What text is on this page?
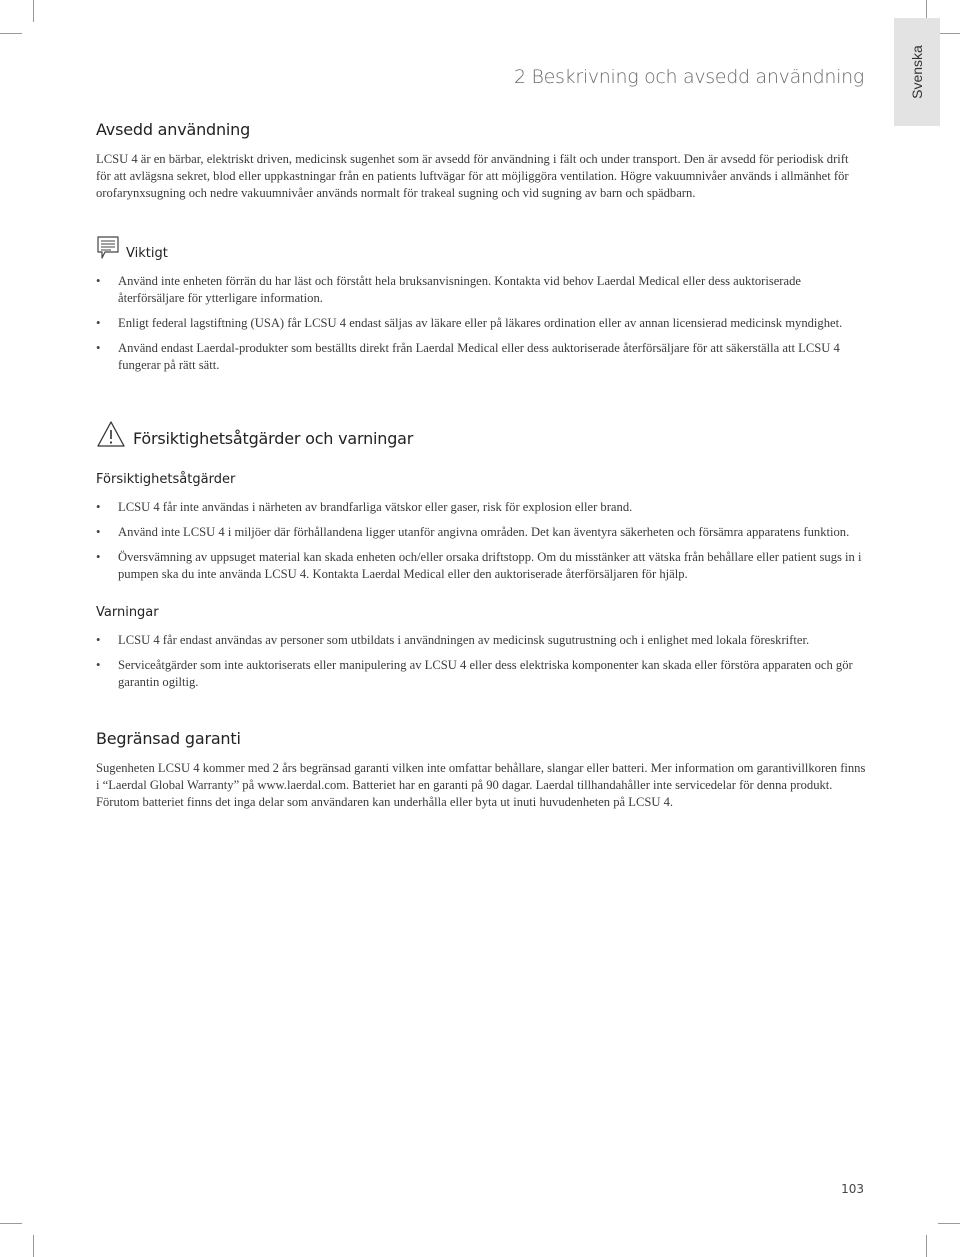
Svenska
2 Beskrivning och avsedd användning
Avsedd användning

LCSU 4 är en bärbar, elektriskt driven, medicinsk sugenhet som är avsedd för användning i fält och under transport. Den är avsedd för periodisk drift för att avlägsna sekret, blod eller uppkastningar från en patients luftvägar för att möjliggöra ventilation. Högre vakuumnivåer används i allmänhet för orofarynxsugning och nedre vakuumnivåer används normalt för trakeal sugning och vid sugning av barn och spädbarn.

Viktigt
• Använd inte enheten förrän du har läst och förstått hela bruksanvisningen. Kontakta vid behov Laerdal Medical eller dess auktoriserade återförsäljare för ytterligare information.
• Enligt federal lagstiftning (USA) får LCSU 4 endast säljas av läkare eller på läkares ordination eller av annan licensierad medicinsk myndighet.
• Använd endast Laerdal-produkter som beställts direkt från Laerdal Medical eller dess auktoriserade återförsäljare för att säkerställa att LCSU 4 fungerar på rätt sätt.
Försiktighetsåtgärder och varningar
Försiktighetsåtgärder
• LCSU 4 får inte användas i närheten av brandfarliga vätskor eller gaser, risk för explosion eller brand.
• Använd inte LCSU 4 i miljöer där förhållandena ligger utanför angivna områden. Det kan äventyra säkerheten och försämra apparatens funktion.
• Översvämning av uppsuget material kan skada enheten och/eller orsaka driftstopp. Om du misstänker att vätska från behållare eller patient sugs in i pumpen ska du inte använda LCSU 4. Kontakta Laerdal Medical eller den auktoriserade återförsäljaren för hjälp.
Varningar
• LCSU 4 får endast användas av personer som utbildats i användningen av medicinsk sugutrustning och i enlighet med lokala föreskrifter.
• Serviceåtgärder som inte auktoriserats eller manipulering av LCSU 4 eller dess elektriska komponenter kan skada eller förstöra apparaten och gör garantin ogiltig.
Begränsad garanti

Sugenheten LCSU 4 kommer med 2 års begränsad garanti vilken inte omfattar behållare, slangar eller batteri. Mer information om garantivillkoren finns i “Laerdal Global Warranty” på www.laerdal.com. Batteriet har en garanti på 90 dagar. Laerdal tillhandahåller inte servicedelar för denna produkt. Förutom batteriet finns det inga delar som användaren kan underhålla eller byta ut inuti huvudenheten på LCSU 4.

103
